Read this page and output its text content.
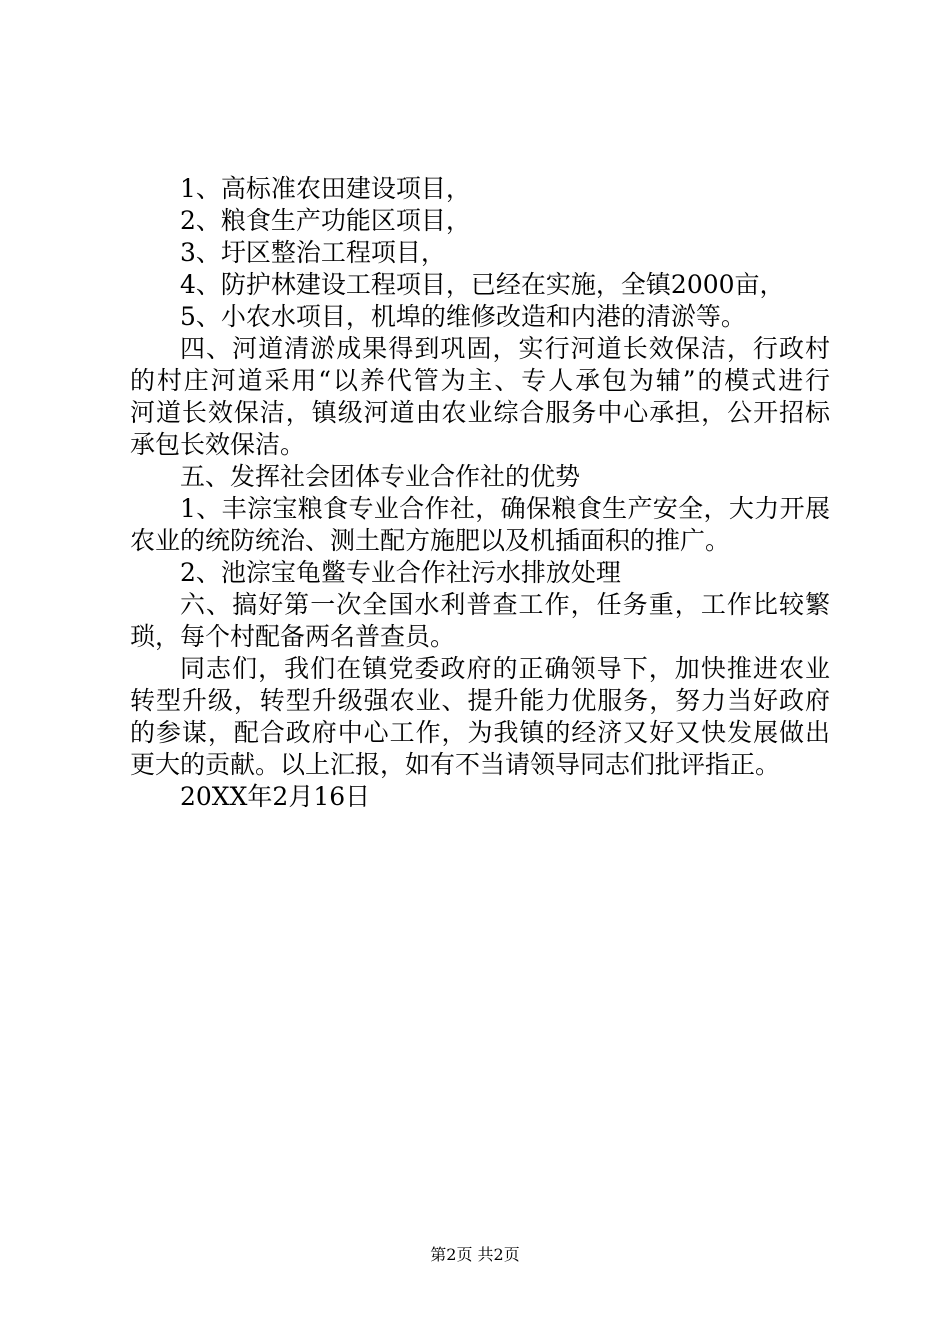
1、高标准农田建设项目，
2、粮食生产功能区项目，
3、圩区整治工程项目，
4、防护林建设工程项目，已经在实施，全镇2000亩，
5、小农水项目，机埠的维修改造和内港的清淤等。
四、河道清淤成果得到巩固，实行河道长效保洁，行政村
的村庄河道采用“以养代管为主、专人承包为辅”的模式进行
河道长效保洁，镇级河道由农业综合服务中心承担，公开招标
承包长效保洁。
五、发挥社会团体专业合作社的优势
1、丰淙宝粮食专业合作社，确保粮食生产安全，大力开展
农业的统防统治、测土配方施肥以及机插面积的推广。
2、池淙宝龟鳖专业合作社污水排放处理
六、搞好第一次全国水利普查工作，任务重，工作比较繁
琐，每个村配备两名普查员。
同志们，我们在镇党委政府的正确领导下，加快推进农业
转型升级，转型升级强农业、提升能力优服务，努力当好政府
的参谋，配合政府中心工作，为我镇的经济又好又快发展做出
更大的贡献。以上汇报，如有不当请领导同志们批评指正。
20XX年2月16日
第2页 共2页
